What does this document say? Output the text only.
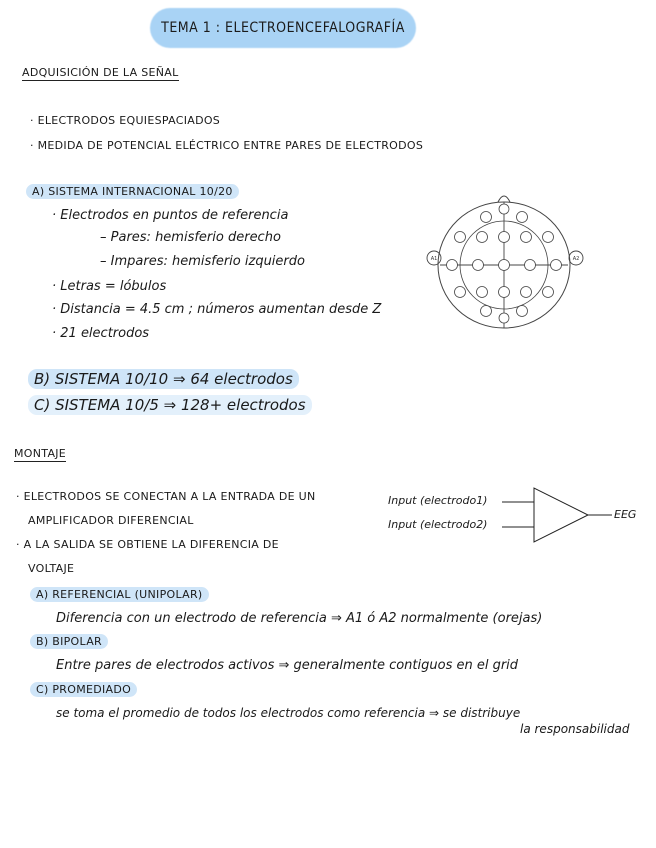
TEMA 1 : ELECTROENCEFALOGRAFÍA
ADQUISICIÓN DE LA SEÑAL
· ELECTRODOS EQUIESPACIADOS
· MEDIDA DE POTENCIAL ELÉCTRICO ENTRE PARES DE ELECTRODOS
A) SISTEMA INTERNACIONAL 10/20
· Electrodos en puntos de referencia
– Pares: hemisferio derecho
– Impares: hemisferio izquierdo
· Letras = lóbulos
· Distancia = 4.5 cm ; números aumentan desde Z
· 21 electrodos
A1	A2
B) SISTEMA 10/10 ⇒ 64 electrodos
C) SISTEMA 10/5 ⇒ 128+ electrodos
MONTAJE
· ELECTRODOS SE CONECTAN A LA ENTRADA DE UN
AMPLIFICADOR DIFERENCIAL
· A LA SALIDA SE OBTIENE LA DIFERENCIA DE
VOLTAJE
Input (electrodo1)
Input (electrodo2)
EEG
A) REFERENCIAL (UNIPOLAR)
Diferencia con un electrodo de referencia ⇒ A1 ó A2 normalmente (orejas)
B) BIPOLAR
Entre pares de electrodos activos ⇒ generalmente contiguos en el grid
C) PROMEDIADO
se toma el promedio de todos los electrodos como referencia ⇒ se distribuye
la responsabilidad
